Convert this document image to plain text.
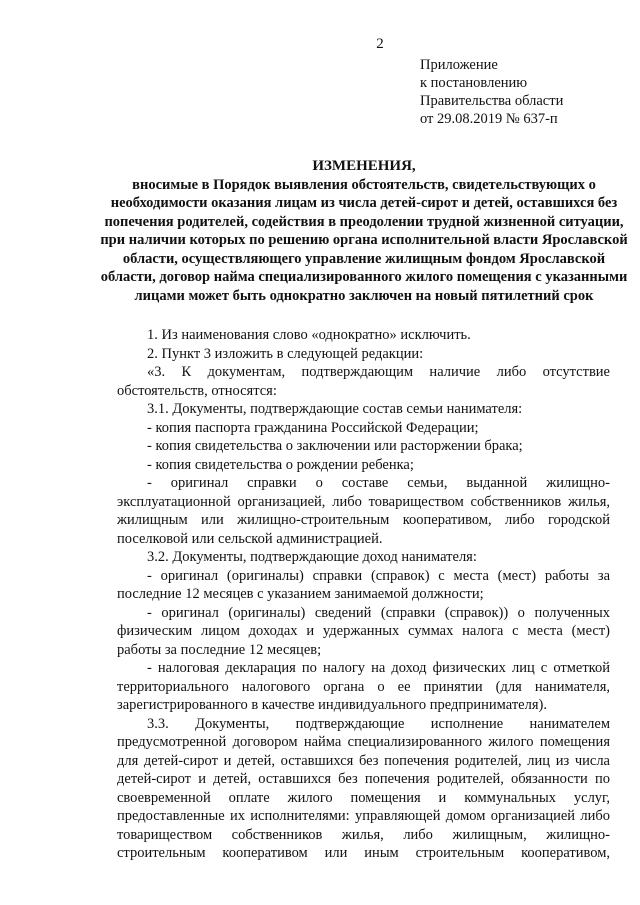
2
Приложение
к постановлению
Правительства области
от 29.08.2019 № 637-п
ИЗМЕНЕНИЯ,
вносимые в Порядок выявления обстоятельств, свидетельствующих о необходимости оказания лицам из числа детей-сирот и детей, оставшихся без попечения родителей, содействия в преодолении трудной жизненной ситуации, при наличии которых по решению органа исполнительной власти Ярославской области, осуществляющего управление жилищным фондом Ярославской области, договор найма специализированного жилого помещения с указанными лицами может быть однократно заключен на новый пятилетний срок

1. Из наименования слово «однократно» исключить.

2. Пункт 3 изложить в следующей редакции:

«3. К документам, подтверждающим наличие либо отсутствие обстоятельств, относятся:

3.1. Документы, подтверждающие состав семьи нанимателя:

- копия паспорта гражданина Российской Федерации;

- копия свидетельства о заключении или расторжении брака;

- копия свидетельства о рождении ребенка;

- оригинал справки о составе семьи, выданной жилищно-эксплуатационной организацией, либо товариществом собственников жилья, жилищным или жилищно-строительным кооперативом, либо городской поселковой или сельской администрацией.

3.2. Документы, подтверждающие доход нанимателя:

- оригинал (оригиналы) справки (справок) с места (мест) работы за последние 12 месяцев с указанием занимаемой должности;

- оригинал (оригиналы) сведений (справки (справок)) о полученных физическим лицом доходах и удержанных суммах налога с места (мест) работы за последние 12 месяцев;

- налоговая декларация по налогу на доход физических лиц с отметкой территориального налогового органа о ее принятии (для нанимателя, зарегистрированного в качестве индивидуального предпринимателя).

3.3. Документы, подтверждающие исполнение нанимателем предусмотренной договором найма специализированного жилого помещения для детей-сирот и детей, оставшихся без попечения родителей, лиц из числа детей-сирот и детей, оставшихся без попечения родителей, обязанности по своевременной оплате жилого помещения и коммунальных услуг, предоставленные их исполнителями: управляющей домом организацией либо товариществом собственников жилья, либо жилищным, жилищно-строительным кооперативом или иным строительным кооперативом,
